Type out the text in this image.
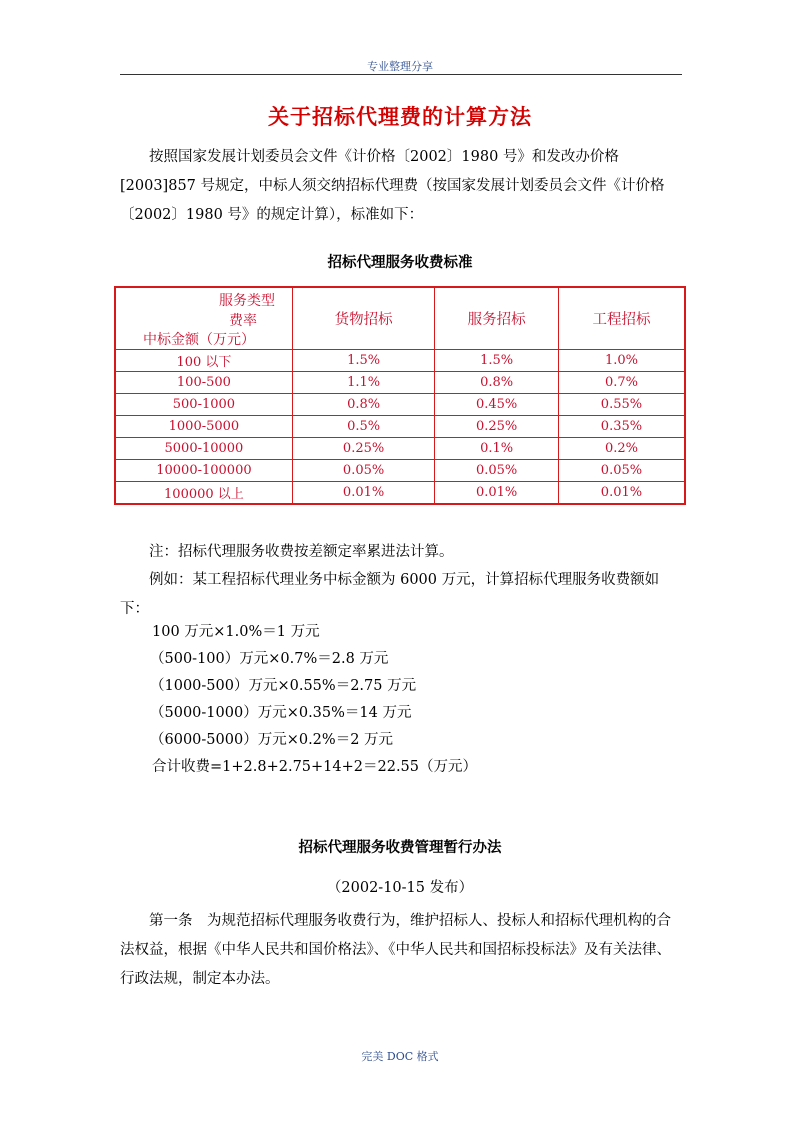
专业整理分享
关于招标代理费的计算方法
按照国家发展计划委员会文件《计价格〔2002〕1980 号》和发改办价格[2003]857 号规定，中标人须交纳招标代理费（按国家发展计划委员会文件《计价格〔2002〕1980 号》的规定计算），标准如下：
招标代理服务收费标准
服务类型
费率
中标金额（万元）	货物招标	服务招标	工程招标
100 以下	1.5%	1.5%	1.0%
100-500	1.1%	0.8%	0.7%
500-1000	0.8%	0.45%	0.55%
1000-5000	0.5%	0.25%	0.35%
5000-10000	0.25%	0.1%	0.2%
10000-100000	0.05%	0.05%	0.05%
100000 以上	0.01%	0.01%	0.01%
注：招标代理服务收费按差额定率累进法计算。
例如：某工程招标代理业务中标金额为 6000 万元，计算招标代理服务收费额如下：
100 万元×1.0%＝1 万元
（500-100）万元×0.7%＝2.8 万元
（1000-500）万元×0.55%＝2.75 万元
（5000-1000）万元×0.35%＝14 万元
（6000-5000）万元×0.2%＝2 万元
合计收费=1+2.8+2.75+14+2＝22.55（万元）
招标代理服务收费管理暂行办法
（2002-10-15 发布）
第一条　为规范招标代理服务收费行为，维护招标人、投标人和招标代理机构的合法权益，根据《中华人民共和国价格法》、《中华人民共和国招标投标法》及有关法律、行政法规，制定本办法。
完美 DOC 格式
